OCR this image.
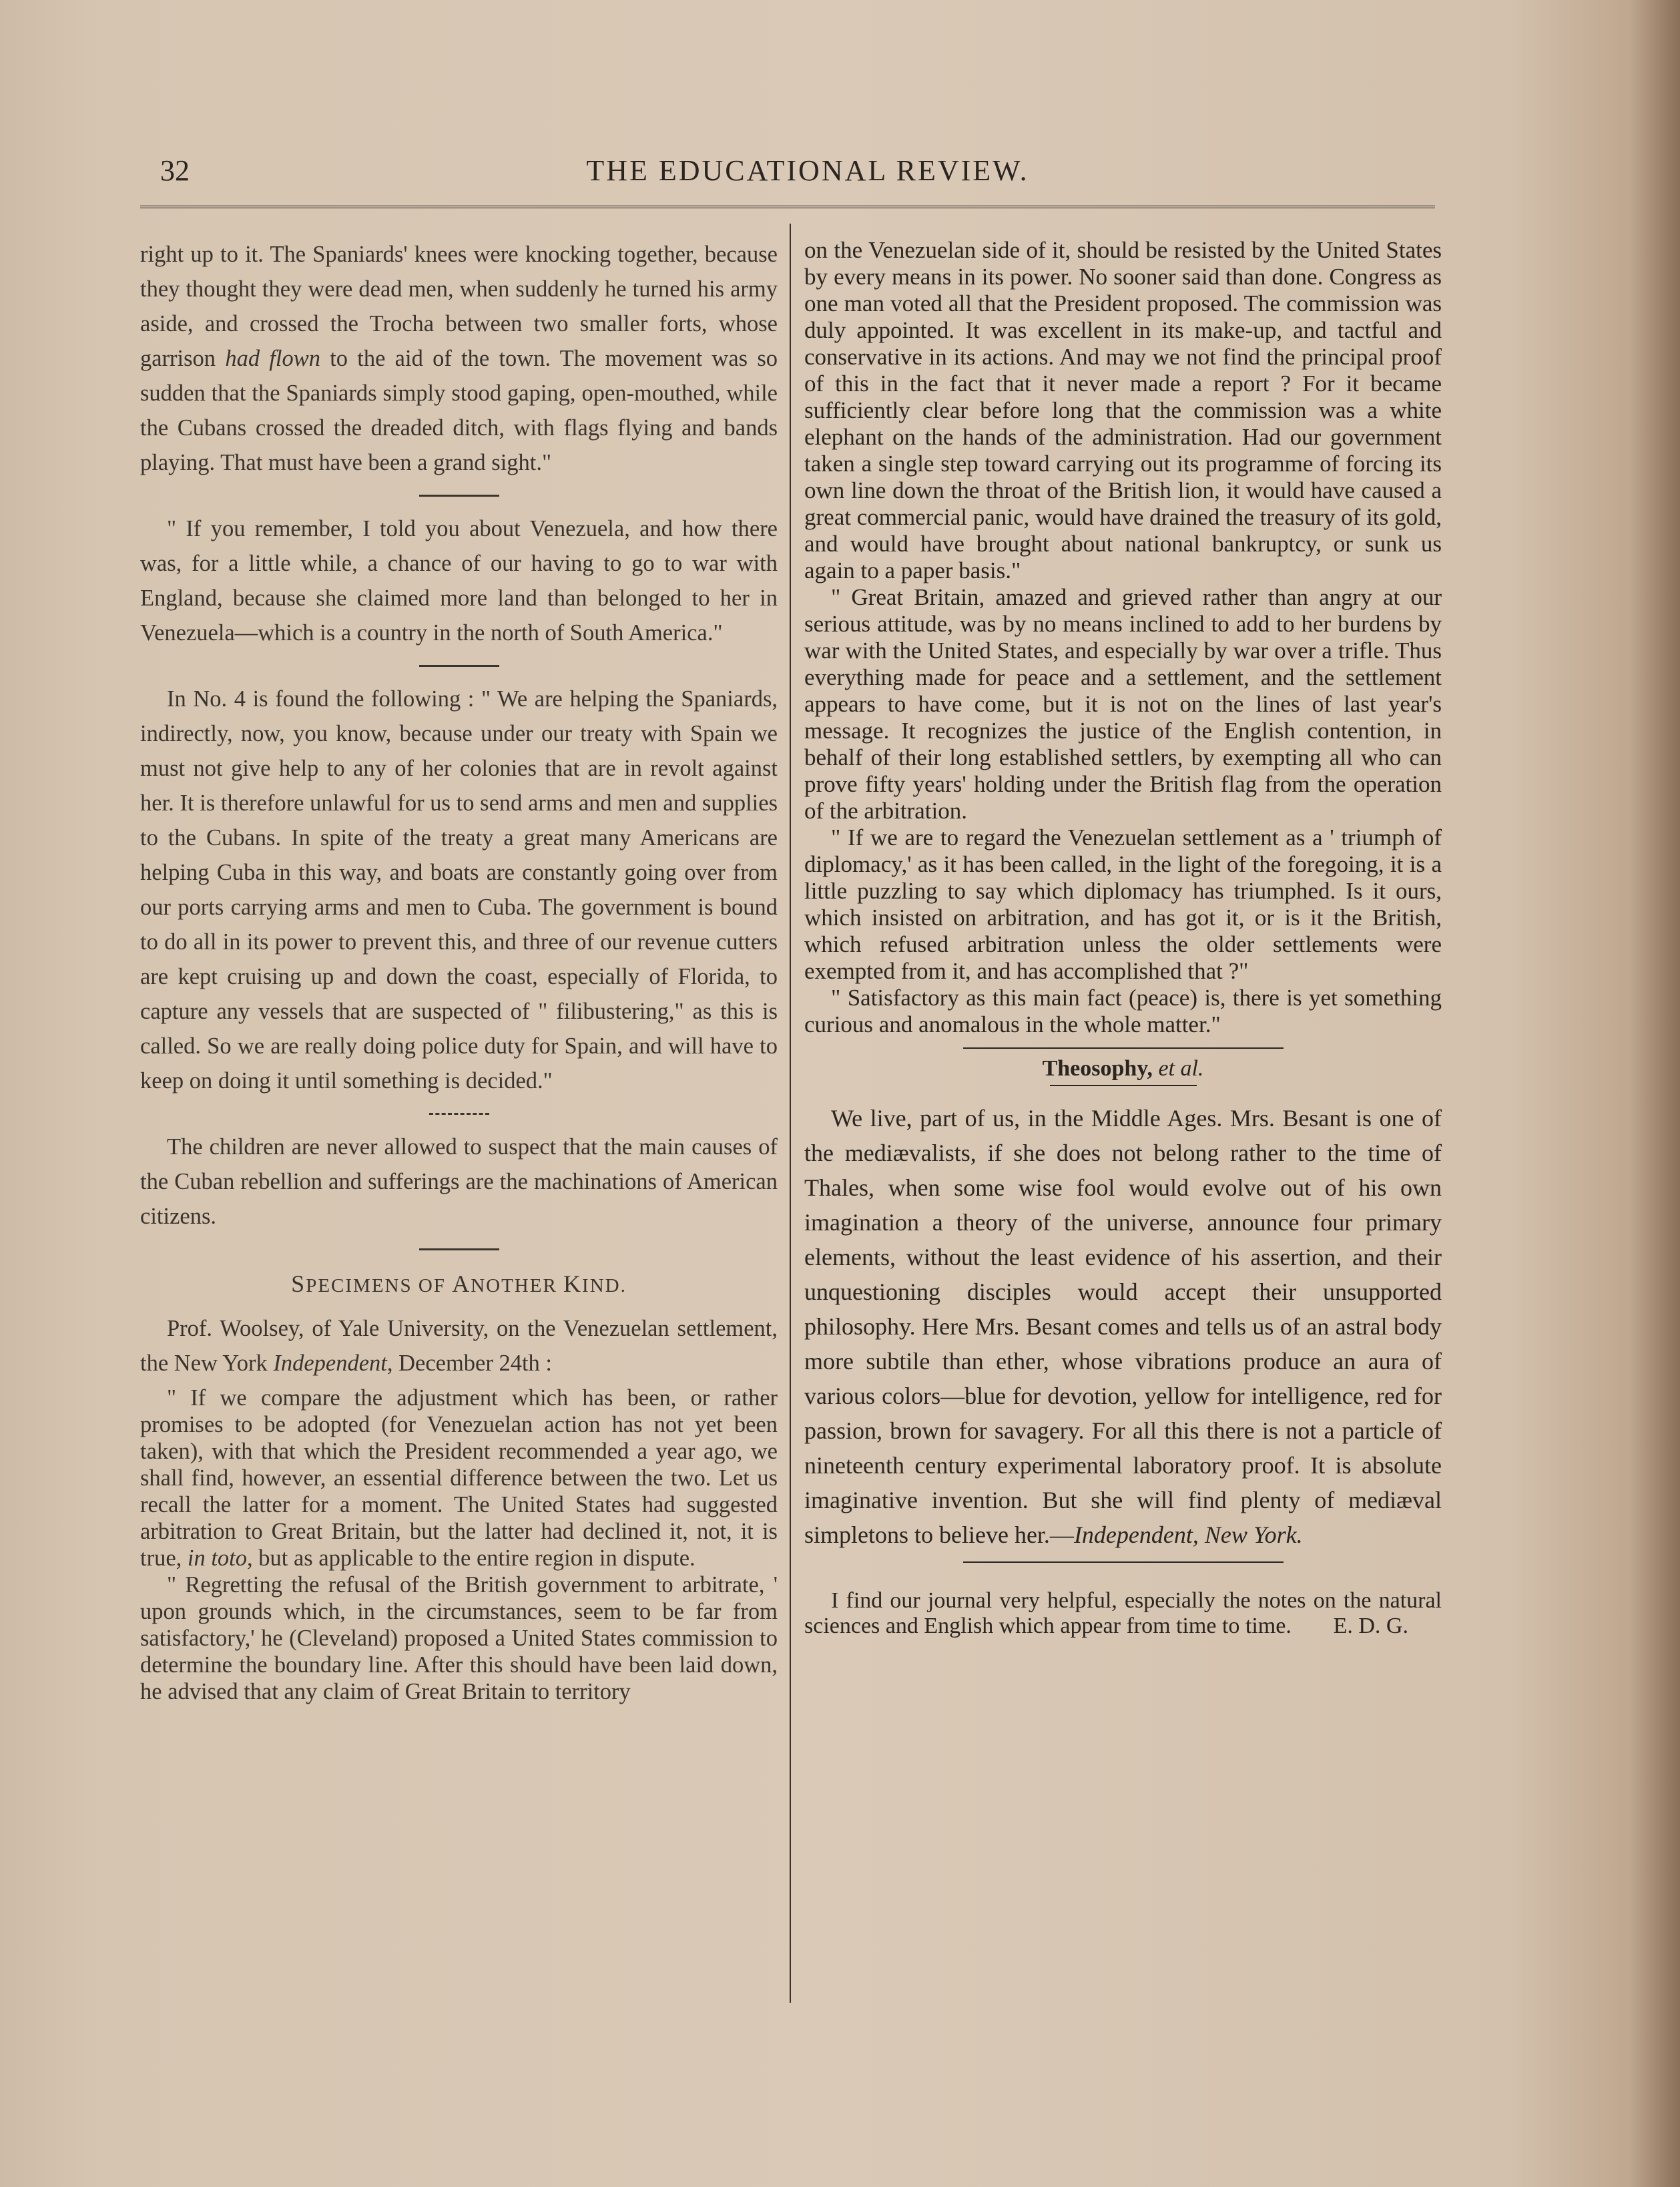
32	THE EDUCATIONAL REVIEW.

right up to it. The Spaniards' knees were knocking together, because they thought they were dead men, when suddenly he turned his army aside, and crossed the Trocha between two smaller forts, whose garrison had flown to the aid of the town. The movement was so sudden that the Spaniards simply stood gaping, open-mouthed, while the Cubans crossed the dreaded ditch, with flags flying and bands playing. That must have been a grand sight."

" If you remember, I told you about Venezuela, and how there was, for a little while, a chance of our having to go to war with England, because she claimed more land than belonged to her in Venezuela—which is a country in the north of South America."

In No. 4 is found the following : " We are helping the Spaniards, indirectly, now, you know, because under our treaty with Spain we must not give help to any of her colonies that are in revolt against her. It is therefore unlawful for us to send arms and men and supplies to the Cubans. In spite of the treaty a great many Americans are helping Cuba in this way, and boats are constantly going over from our ports carrying arms and men to Cuba. The government is bound to do all in its power to prevent this, and three of our revenue cutters are kept cruising up and down the coast, especially of Florida, to capture any vessels that are suspected of " filibustering," as this is called. So we are really doing police duty for Spain, and will have to keep on doing it until something is decided."

The children are never allowed to suspect that the main causes of the Cuban rebellion and sufferings are the machinations of American citizens.

SPECIMENS OF ANOTHER KIND.

Prof. Woolsey, of Yale University, on the Venezuelan settlement, the New York Independent, December 24th :

" If we compare the adjustment which has been, or rather promises to be adopted (for Venezuelan action has not yet been taken), with that which the President recommended a year ago, we shall find, however, an essential difference between the two. Let us recall the latter for a moment. The United States had suggested arbitration to Great Britain, but the latter had declined it, not, it is true, in toto, but as applicable to the entire region in dispute.

" Regretting the refusal of the British government to arbitrate, ' upon grounds which, in the circumstances, seem to be far from satisfactory,' he (Cleveland) proposed a United States commission to determine the boundary line. After this should have been laid down, he advised that any claim of Great Britain to territory

on the Venezuelan side of it, should be resisted by the United States by every means in its power. No sooner said than done. Congress as one man voted all that the President proposed. The commission was duly appointed. It was excellent in its make-up, and tactful and conservative in its actions. And may we not find the principal proof of this in the fact that it never made a report ? For it became sufficiently clear before long that the commission was a white elephant on the hands of the administration. Had our government taken a single step toward carrying out its programme of forcing its own line down the throat of the British lion, it would have caused a great commercial panic, would have drained the treasury of its gold, and would have brought about national bankruptcy, or sunk us again to a paper basis."

" Great Britain, amazed and grieved rather than angry at our serious attitude, was by no means inclined to add to her burdens by war with the United States, and especially by war over a trifle. Thus everything made for peace and a settlement, and the settlement appears to have come, but it is not on the lines of last year's message. It recognizes the justice of the English contention, in behalf of their long established settlers, by exempting all who can prove fifty years' holding under the British flag from the operation of the arbitration.

" If we are to regard the Venezuelan settlement as a ' triumph of diplomacy,' as it has been called, in the light of the foregoing, it is a little puzzling to say which diplomacy has triumphed. Is it ours, which insisted on arbitration, and has got it, or is it the British, which refused arbitration unless the older settlements were exempted from it, and has accomplished that ?"

" Satisfactory as this main fact (peace) is, there is yet something curious and anomalous in the whole matter."

Theosophy, et al.

We live, part of us, in the Middle Ages. Mrs. Besant is one of the mediævalists, if she does not belong rather to the time of Thales, when some wise fool would evolve out of his own imagination a theory of the universe, announce four primary elements, without the least evidence of his assertion, and their unquestioning disciples would accept their unsupported philosophy. Here Mrs. Besant comes and tells us of an astral body more subtile than ether, whose vibrations produce an aura of various colors—blue for devotion, yellow for intelligence, red for passion, brown for savagery. For all this there is not a particle of nineteenth century experimental laboratory proof. It is absolute imaginative invention. But she will find plenty of mediæval simpletons to believe her.—Independent, New York.

I find our journal very helpful, especially the notes on the natural sciences and English which appear from time to time.	E. D. G.
